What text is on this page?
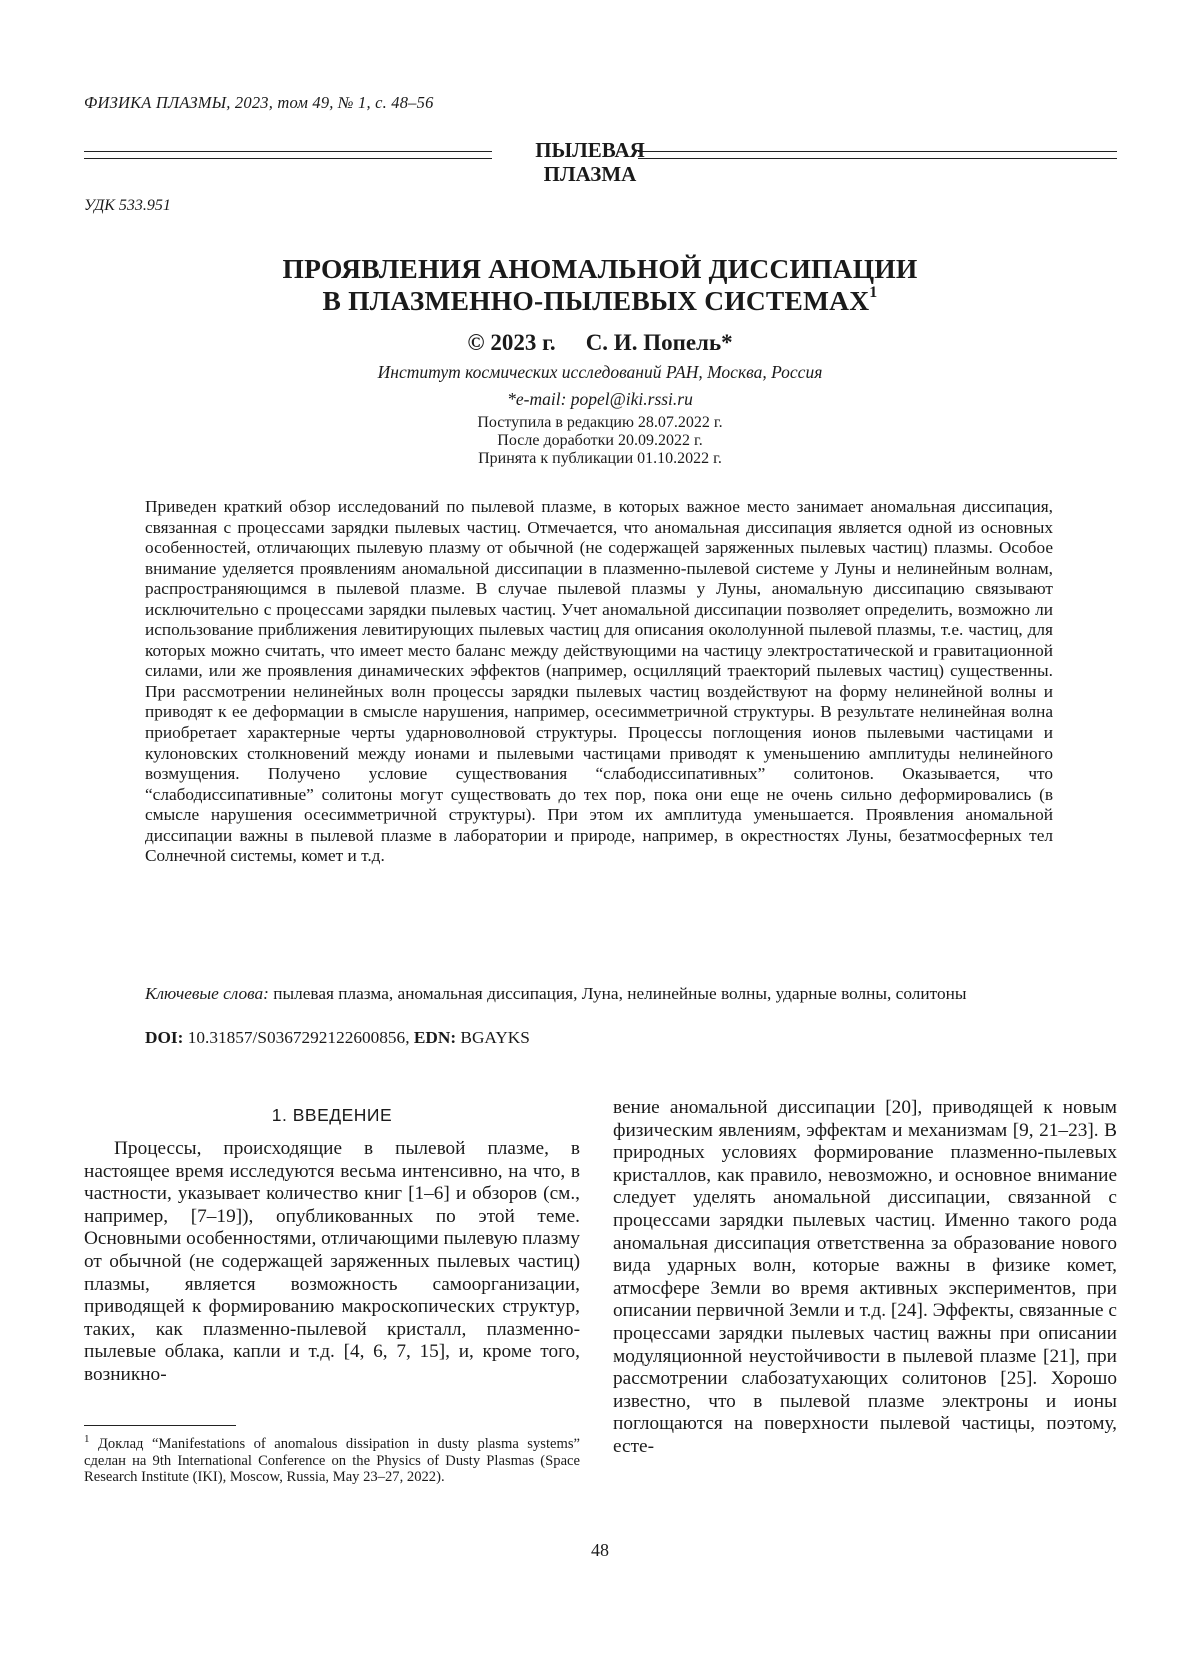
ФИЗИКА ПЛАЗМЫ, 2023, том 49, № 1, с. 48–56
ПЫЛЕВАЯ
ПЛАЗМА
УДК 533.951
ПРОЯВЛЕНИЯ АНОМАЛЬНОЙ ДИССИПАЦИИ
В ПЛАЗМЕННО-ПЫЛЕВЫХ СИСТЕМАХ$^1$
© 2023 г. С. И. Попель*
Институт космических исследований РАН, Москва, Россия
*e-mail: popel@iki.rssi.ru
Поступила в редакцию 28.07.2022 г.
После доработки 20.09.2022 г.
Принята к публикации 01.10.2022 г.
Приведен краткий обзор исследований по пылевой плазме, в которых важное место занимает аномальная диссипация, связанная с процессами зарядки пылевых частиц. Отмечается, что аномальная диссипация является одной из основных особенностей, отличающих пылевую плазму от обычной (не содержащей заряженных пылевых частиц) плазмы. Особое внимание уделяется проявлениям аномальной диссипации в плазменно-пылевой системе у Луны и нелинейным волнам, распространяющимся в пылевой плазме. В случае пылевой плазмы у Луны, аномальную диссипацию связывают исключительно с процессами зарядки пылевых частиц. Учет аномальной диссипации позволяет определить, возможно ли использование приближения левитирующих пылевых частиц для описания окололунной пылевой плазмы, т.е. частиц, для которых можно считать, что имеет место баланс между действующими на частицу электростатической и гравитационной силами, или же проявления динамических эффектов (например, осцилляций траекторий пылевых частиц) существенны. При рассмотрении нелинейных волн процессы зарядки пылевых частиц воздействуют на форму нелинейной волны и приводят к ее деформации в смысле нарушения, например, осесимметричной структуры. В результате нелинейная волна приобретает характерные черты ударноволновой структуры. Процессы поглощения ионов пылевыми частицами и кулоновских столкновений между ионами и пылевыми частицами приводят к уменьшению амплитуды нелинейного возмущения. Получено условие существования “слабодиссипативных” солитонов. Оказывается, что “слабодиссипативные” солитоны могут существовать до тех пор, пока они еще не очень сильно деформировались (в смысле нарушения осесимметричной структуры). При этом их амплитуда уменьшается. Проявления аномальной диссипации важны в пылевой плазме в лаборатории и природе, например, в окрестностях Луны, безатмосферных тел Солнечной системы, комет и т.д.
Ключевые слова: пылевая плазма, аномальная диссипация, Луна, нелинейные волны, ударные волны, солитоны
DOI: 10.31857/S0367292122600856, EDN: BGAYKS
1. ВВЕДЕНИЕ

Процессы, происходящие в пылевой плазме, в настоящее время исследуются весьма интенсивно, на что, в частности, указывает количество книг [1–6] и обзоров (см., например, [7–19]), опубликованных по этой теме. Основными особенностями, отличающими пылевую плазму от обычной (не содержащей заряженных пылевых частиц) плазмы, является возможность самоорганизации, приводящей к формированию макроскопических структур, таких, как плазменно-пылевой кристалл, плазменно-пылевые облака, капли и т.д. [4, 6, 7, 15], и, кроме того, возникно-

вение аномальной диссипации [20], приводящей к новым физическим явлениям, эффектам и механизмам [9, 21–23]. В природных условиях формирование плазменно-пылевых кристаллов, как правило, невозможно, и основное внимание следует уделять аномальной диссипации, связанной с процессами зарядки пылевых частиц. Именно такого рода аномальная диссипация ответственна за образование нового вида ударных волн, которые важны в физике комет, атмосфере Земли во время активных экспериментов, при описании первичной Земли и т.д. [24]. Эффекты, связанные с процессами зарядки пылевых частиц важны при описании модуляционной неустойчивости в пылевой плазме [21], при рассмотрении слабозатухающих солитонов [25]. Хорошо известно, что в пылевой плазме электроны и ионы поглощаются на поверхности пылевой частицы, поэтому, есте-

$^1$ Доклад “Manifestations of anomalous dissipation in dusty plasma systems” сделан на 9th International Conference on the Physics of Dusty Plasmas (Space Research Institute (IKI), Moscow, Russia, May 23–27, 2022).
48
